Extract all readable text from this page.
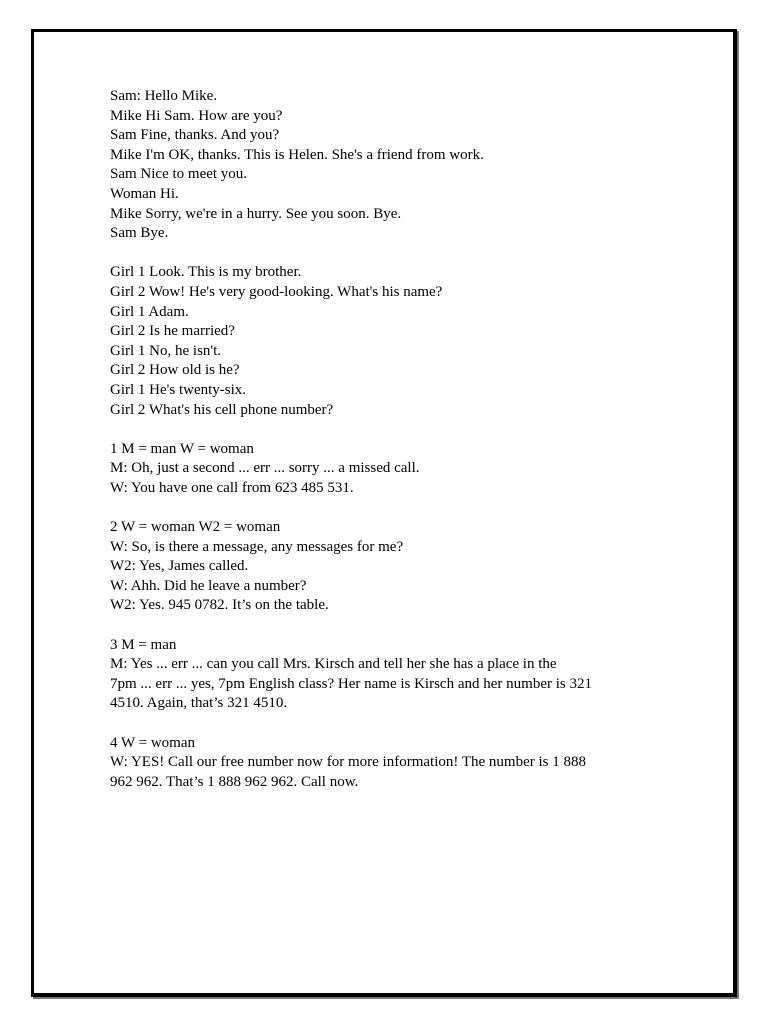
Sam: Hello Mike.
Mike Hi Sam. How are you?
Sam Fine, thanks. And you?
Mike I'm OK, thanks. This is Helen. She's a friend from work.
Sam Nice to meet you.
Woman Hi.
Mike Sorry, we're in a hurry. See you soon. Bye.
Sam Bye.
Girl 1 Look. This is my brother.
Girl 2 Wow! He's very good-looking. What's his name?
Girl 1 Adam.
Girl 2 Is he married?
Girl 1 No, he isn't.
Girl 2 How old is he?
Girl 1 He's twenty-six.
Girl 2 What's his cell phone number?
1 M = man W = woman
M: Oh, just a second ... err ... sorry ... a missed call.
W: You have one call from 623 485 531.
2 W = woman W2 = woman
W: So, is there a message, any messages for me?
W2: Yes, James called.
W: Ahh. Did he leave a number?
W2: Yes. 945 0782. It’s on the table.
3 M = man
M: Yes ... err ... can you call Mrs. Kirsch and tell her she has a place in the
7pm ... err ... yes, 7pm English class? Her name is Kirsch and her number is 321
4510. Again, that’s 321 4510.
4 W = woman
W: YES! Call our free number now for more information! The number is 1 888
962 962. That’s 1 888 962 962. Call now.
